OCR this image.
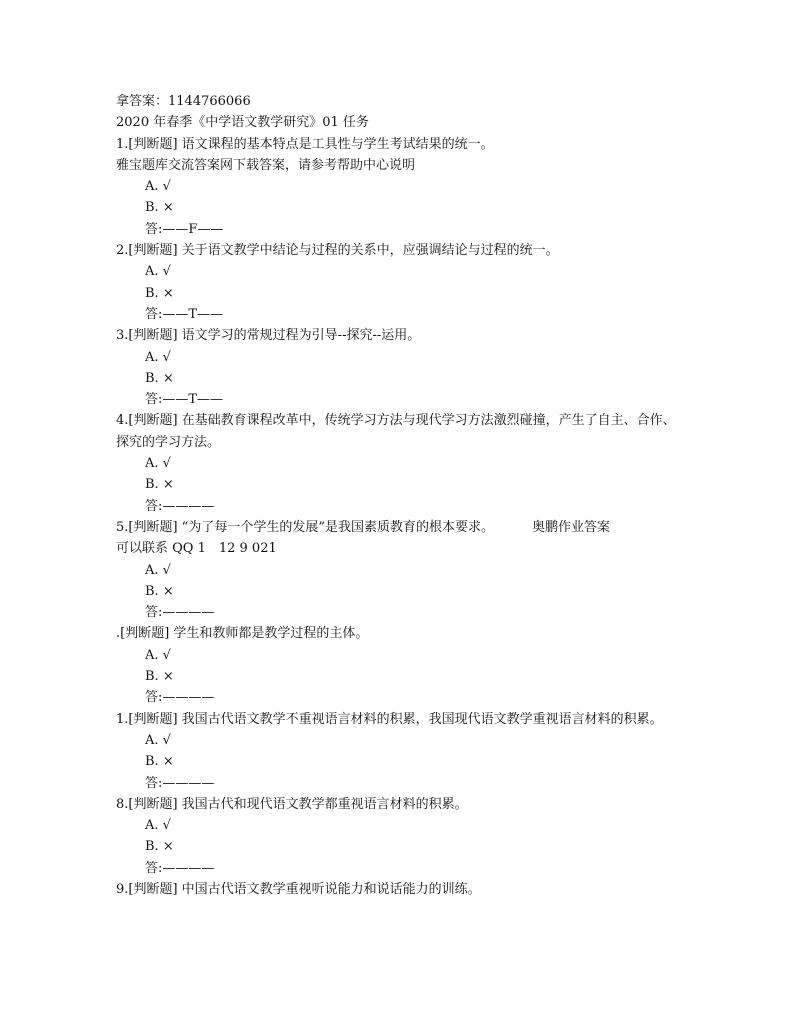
拿答案：1144766066
2020 年春季《中学语文教学研究》01 任务
1.[判断题] 语文课程的基本特点是工具性与学生考试结果的统一。
雅宝题库交流答案网下载答案，请参考帮助中心说明
A. √
B. ×
答:——F——
2.[判断题] 关于语文教学中结论与过程的关系中，应强调结论与过程的统一。
A. √
B. ×
答:——T——
3.[判断题] 语文学习的常规过程为引导--探究--运用。
A. √
B. ×
答:——T——
4.[判断题] 在基础教育课程改革中，传统学习方法与现代学习方法激烈碰撞，产生了自主、合作、探究的学习方法。
A. √
B. ×
答:————
5.[判断题] “为了每一个学生的发展”是我国素质教育的根本要求。	奥鹏作业答案
可以联系 QQ 1　12 9 021
A. √
B. ×
答:————
.[判断题] 学生和教师都是教学过程的主体。
A. √
B. ×
答:————
1.[判断题] 我国古代语文教学不重视语言材料的积累，我国现代语文教学重视语言材料的积累。
A. √
B. ×
答:————
8.[判断题] 我国古代和现代语文教学都重视语言材料的积累。
A. √
B. ×
答:————
9.[判断题] 中国古代语文教学重视听说能力和说话能力的训练。
